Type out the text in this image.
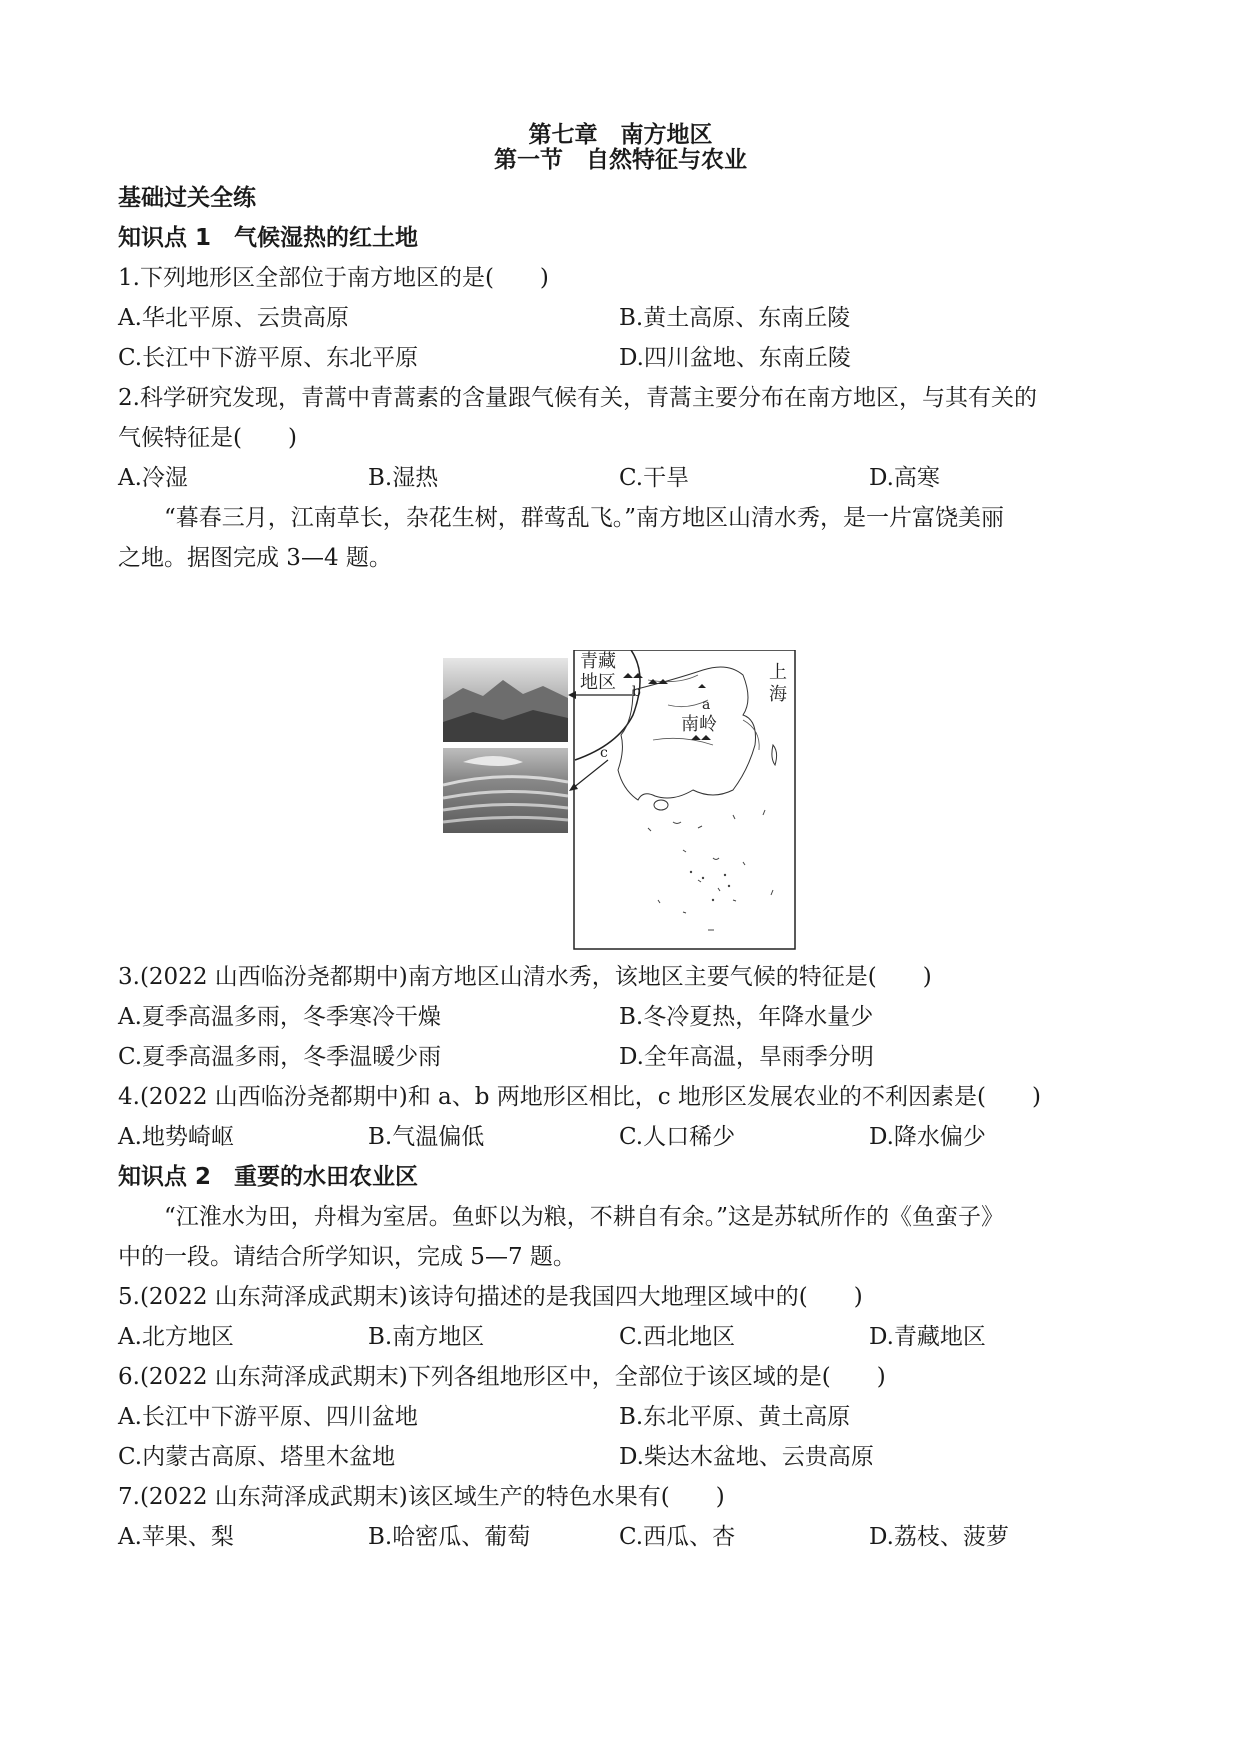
第七章　南方地区
第一节　自然特征与农业
基础过关全练
知识点 1　气候湿热的红土地
1.下列地形区全部位于南方地区的是(　　)
A.华北平原、云贵高原	B.黄土高原、东南丘陵
C.长江中下游平原、东北平原	D.四川盆地、东南丘陵
2.科学研究发现，青蒿中青蒿素的含量跟气候有关，青蒿主要分布在南方地区，与其有关的
气候特征是(　　)
A.冷湿	B.湿热	C.干旱	D.高寒
“暮春三月，江南草长，杂花生树，群莺乱飞。”南方地区山清水秀，是一片富饶美丽
之地。据图完成 3—4 题。
青藏
地区	上
海
a
b
c
南岭
3.(2022 山西临汾尧都期中)南方地区山清水秀，该地区主要气候的特征是(　　)
A.夏季高温多雨，冬季寒冷干燥	B.冬冷夏热，年降水量少
C.夏季高温多雨，冬季温暖少雨	D.全年高温，旱雨季分明
4.(2022 山西临汾尧都期中)和 a、b 两地形区相比，c 地形区发展农业的不利因素是(　　)
A.地势崎岖	B.气温偏低	C.人口稀少	D.降水偏少
知识点 2　重要的水田农业区
“江淮水为田，舟楫为室居。鱼虾以为粮，不耕自有余。”这是苏轼所作的《鱼蛮子》
中的一段。请结合所学知识，完成 5—7 题。
5.(2022 山东菏泽成武期末)该诗句描述的是我国四大地理区域中的(　　)
A.北方地区	B.南方地区	C.西北地区	D.青藏地区
6.(2022 山东菏泽成武期末)下列各组地形区中，全部位于该区域的是(　　)
A.长江中下游平原、四川盆地	B.东北平原、黄土高原
C.内蒙古高原、塔里木盆地	D.柴达木盆地、云贵高原
7.(2022 山东菏泽成武期末)该区域生产的特色水果有(　　)
A.苹果、梨	B.哈密瓜、葡萄	C.西瓜、杏	D.荔枝、菠萝
